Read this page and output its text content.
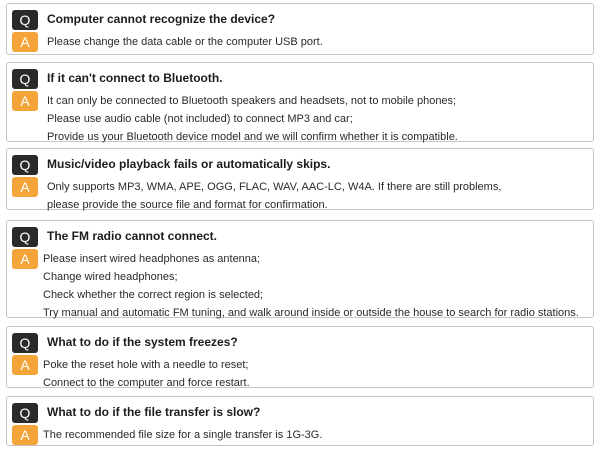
Q
A
Computer cannot recognize the device?
Please change the data cable or the computer USB port.
Q
A
If it can't connect to Bluetooth.
It can only be connected to Bluetooth speakers and headsets, not to mobile phones;
Please use audio cable (not included) to connect MP3 and car;
Provide us your Bluetooth device model and we will confirm whether it is compatible.
Q
A
Music/video playback fails or automatically skips.
Only supports MP3, WMA, APE, OGG, FLAC, WAV, AAC-LC, W4A. If there are still problems,
please provide the source file and format for confirmation.
Q
A
The FM radio cannot connect.
Please insert wired headphones as antenna;
Change wired headphones;
Check whether the correct region is selected;
Try manual and automatic FM tuning, and walk around inside or outside the house to search for radio stations.
Q
A
What to do if the system freezes?
Poke the reset hole with a needle to reset;
Connect to the computer and force restart.
Q
A
What to do if the file transfer is slow?
The recommended file size for a single transfer is 1G-3G.
